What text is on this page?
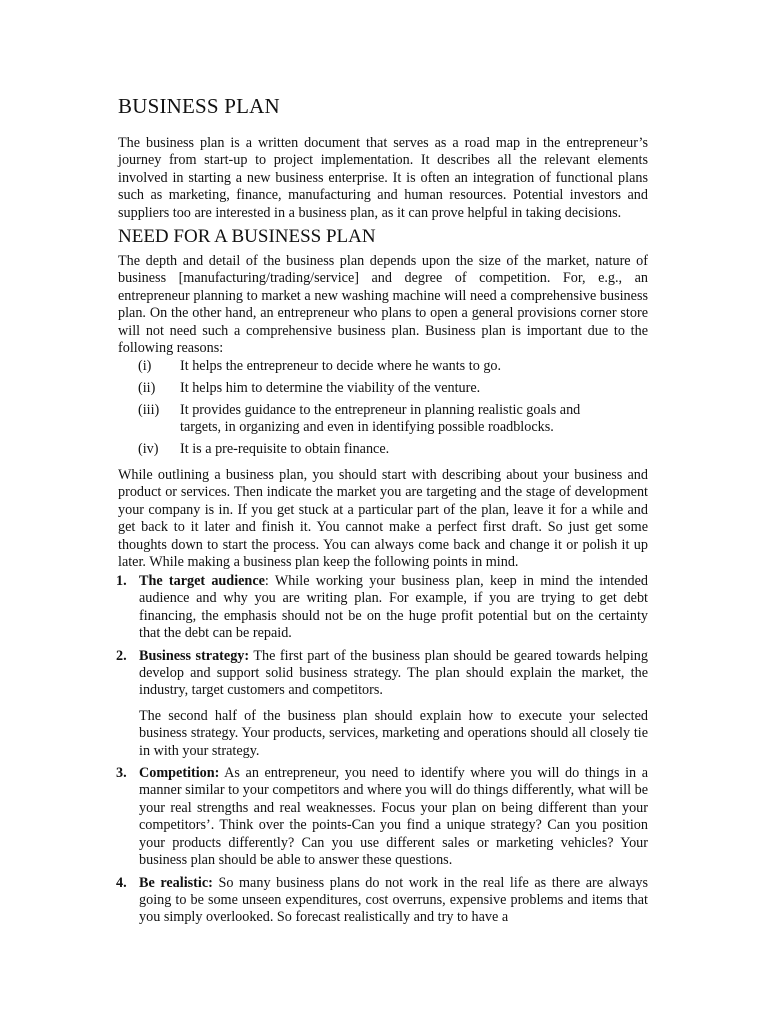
BUSINESS PLAN

The business plan is a written document that serves as a road map in the entrepreneur’s journey from start-up to project implementation. It describes all the relevant elements involved in starting a new business enterprise. It is often an integration of functional plans such as marketing, finance, manufacturing and human resources. Potential investors and suppliers too are interested in a business plan, as it can prove helpful in taking decisions.

NEED FOR A BUSINESS PLAN

The depth and detail of the business plan depends upon the size of the market, nature of business [manufacturing/trading/service] and degree of competition. For, e.g., an entrepreneur planning to market a new washing machine will need a comprehensive business plan. On the other hand, an entrepreneur who plans to open a general provisions corner store will not need such a comprehensive business plan. Business plan is important due to the following reasons:

(i) It helps the entrepreneur to decide where he wants to go.
(ii) It helps him to determine the viability of the venture.
(iii) It provides guidance to the entrepreneur in planning realistic goals and targets, in organizing and even in identifying possible roadblocks.
(iv) It is a pre-requisite to obtain finance.

While outlining a business plan, you should start with describing about your business and product or services. Then indicate the market you are targeting and the stage of development your company is in. If you get stuck at a particular part of the plan, leave it for a while and get back to it later and finish it. You cannot make a perfect first draft. So just get some thoughts down to start the process. You can always come back and change it or polish it up later. While making a business plan keep the following points in mind.

1. The target audience: While working your business plan, keep in mind the intended audience and why you are writing plan. For example, if you are trying to get debt financing, the emphasis should not be on the huge profit potential but on the certainty that the debt can be repaid.
2. Business strategy: The first part of the business plan should be geared towards helping develop and support solid business strategy. The plan should explain the market, the industry, target customers and competitors.
The second half of the business plan should explain how to execute your selected business strategy. Your products, services, marketing and operations should all closely tie in with your strategy.
3. Competition: As an entrepreneur, you need to identify where you will do things in a manner similar to your competitors and where you will do things differently, what will be your real strengths and real weaknesses. Focus your plan on being different than your competitors’. Think over the points-Can you find a unique strategy? Can you position your products differently? Can you use different sales or marketing vehicles? Your business plan should be able to answer these questions.
4. Be realistic: So many business plans do not work in the real life as there are always going to be some unseen expenditures, cost overruns, expensive problems and items that you simply overlooked. So forecast realistically and try to have a
